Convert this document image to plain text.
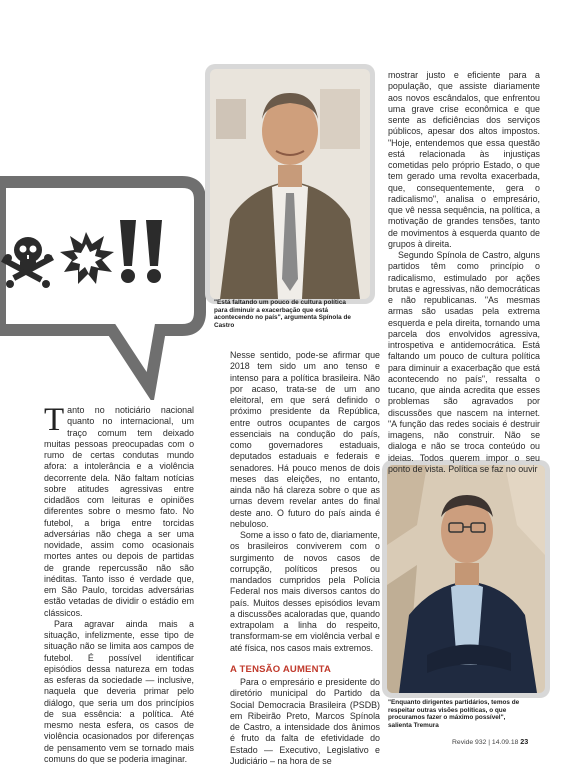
"Está faltando um pouco de cultura política para diminuir a exacerbação que está acontecendo no país", argumenta Spínola de Castro
"Enquanto dirigentes partidários, temos de respeitar outras visões políticas, o que procuramos fazer o máximo possível", salienta Tremura

Tanto no noticiário nacional quanto no internacional, um traço comum tem deixado muitas pessoas preocupadas com o rumo de certas condutas mundo afora: a intolerância e a violência decorrente dela. Não faltam notícias sobre atitudes agressivas entre cidadãos com leituras e opiniões diferentes sobre o mesmo fato. No futebol, a briga entre torcidas adversárias não chega a ser uma novidade, assim como ocasionais mortes antes ou depois de partidas de grande repercussão não são inéditas. Tanto isso é verdade que, em São Paulo, torcidas adversárias estão vetadas de dividir o estádio em clássicos.

Para agravar ainda mais a situação, infelizmente, esse tipo de situação não se limita aos campos de futebol. É possível identificar episódios dessa natureza em todas as esferas da sociedade — inclusive, naquela que deveria primar pelo diálogo, que seria um dos princípios de sua essência: a política. Até mesmo nesta esfera, os casos de violência ocasionados por diferenças de pensamento vem se tornado mais comuns do que se poderia imaginar.

Nesse sentido, pode-se afirmar que 2018 tem sido um ano tenso e intenso para a política brasileira. Não por acaso, trata-se de um ano eleitoral, em que será definido o próximo presidente da República, entre outros ocupantes de cargos essenciais na condução do país, como governadores estaduais, deputados estaduais e federais e senadores. Há pouco menos de dois meses das eleições, no entanto, ainda não há clareza sobre o que as urnas devem revelar antes do final deste ano. O futuro do país ainda é nebuloso.

Some a isso o fato de, diariamente, os brasileiros conviverem com o surgimento de novos casos de corrupção, políticos presos ou mandados cumpridos pela Polícia Federal nos mais diversos cantos do país. Muitos desses episódios levam a discussões acaloradas que, quando extrapolam a linha do respeito, transformam-se em violência verbal e até física, nos casos mais extremos.

A TENSÃO AUMENTA

Para o empresário e presidente do diretório municipal do Partido da Social Democracia Brasileira (PSDB) em Ribeirão Preto, Marcos Spínola de Castro, a intensidade dos ânimos é fruto da falta de efetividade do Estado — Executivo, Legislativo e Judiciário – na hora de se

mostrar justo e eficiente para a população, que assiste diariamente aos novos escândalos, que enfrentou uma grave crise econômica e que sente as deficiências dos serviços públicos, apesar dos altos impostos. "Hoje, entendemos que essa questão está relacionada às injustiças cometidas pelo próprio Estado, o que tem gerado uma revolta exacerbada, que, consequentemente, gera o radicalismo", analisa o empresário, que vê nessa sequência, na política, a motivação de grandes tensões, tanto de movimentos à esquerda quanto de grupos à direita.

Segundo Spínola de Castro, alguns partidos têm como princípio o radicalismo, estimulado por ações brutas e agressivas, não democráticas e não republicanas. "As mesmas armas são usadas pela extrema esquerda e pela direita, tornando uma parcela dos envolvidos agressiva, introspetiva e antidemocrática. Está faltando um pouco de cultura política para diminuir a exacerbação que está acontecendo no país", ressalta o tucano, que ainda acredita que esses problemas são agravados por discussões que nascem na internet. "A função das redes sociais é destruir imagens, não construir. Não se dialoga e não se troca conteúdo ou ideias. Todos querem impor o seu ponto de vista. Política se faz no ouvir

Revide 932 | 14.09.18 23
